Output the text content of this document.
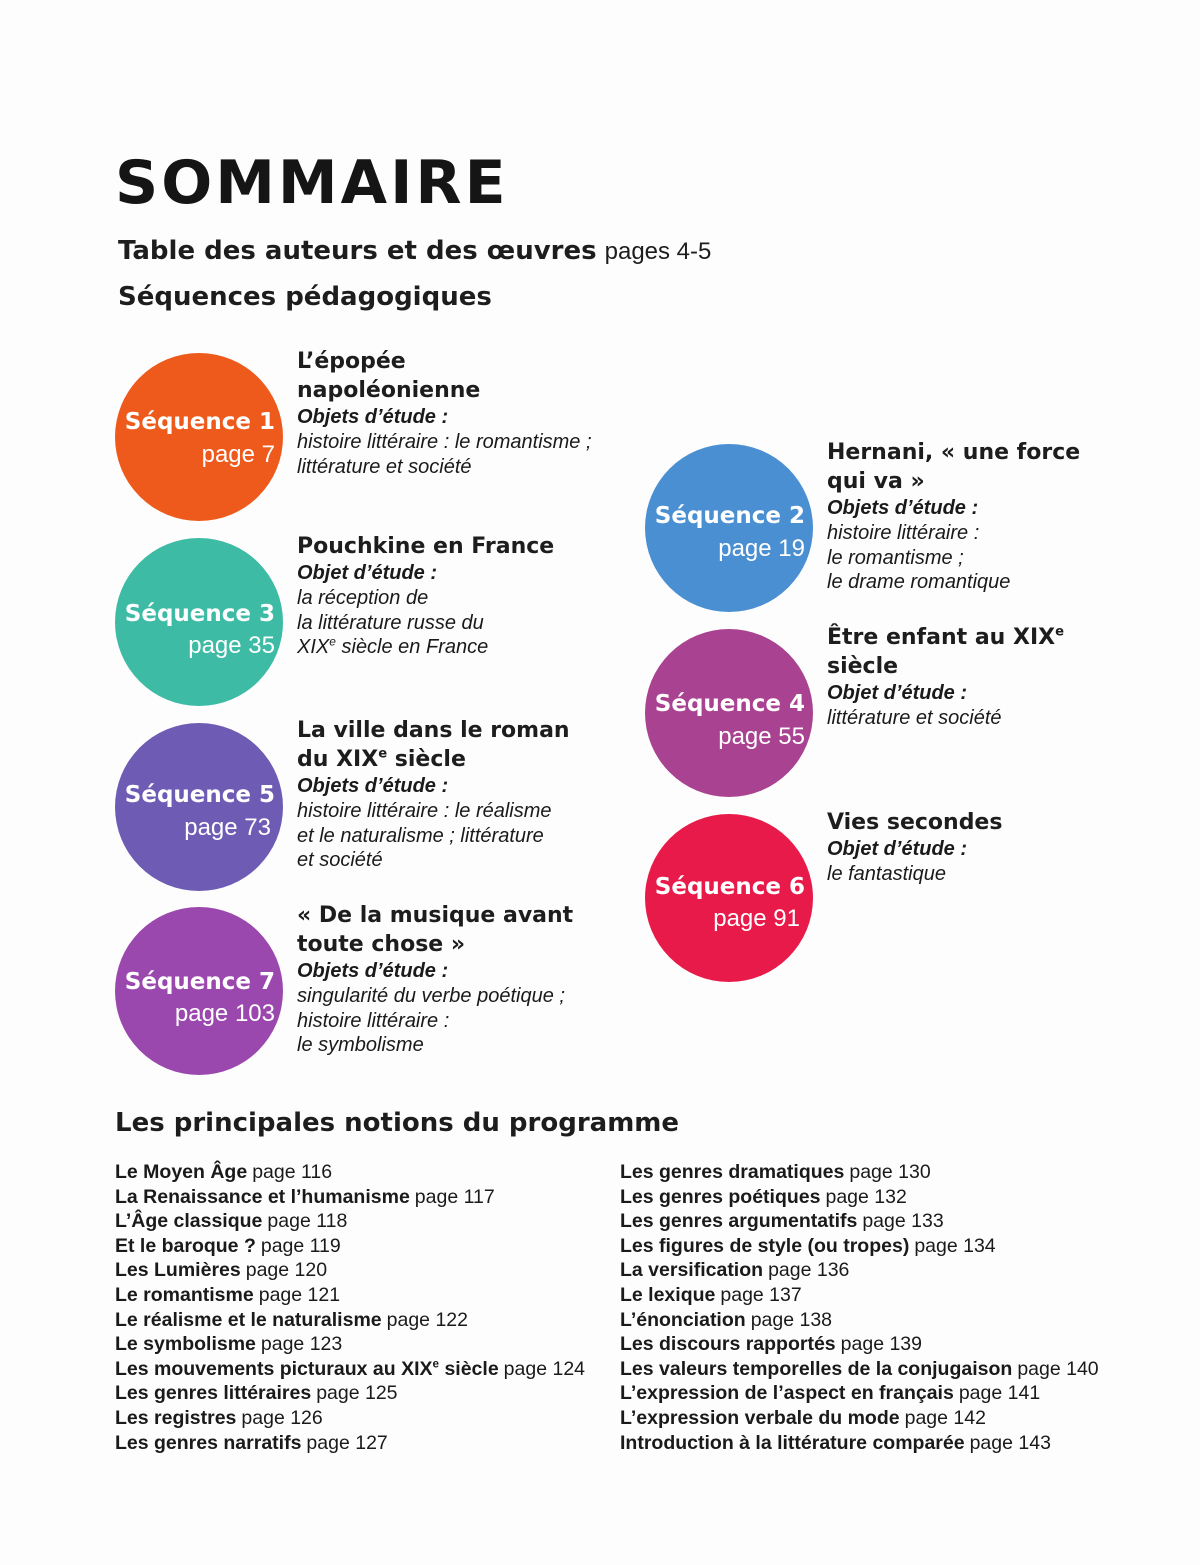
SOMMAIRE
Table des auteurs et des œuvres pages 4-5
Séquences pédagogiques
Séquence 1
page 7
L’épopée napoléonienne
Objets d’étude :
histoire littéraire : le romantisme ;
littérature et société
Séquence 3
page 35
Pouchkine en France
Objet d’étude :
la réception de
la littérature russe du
XIXe siècle en France
Séquence 5
page 73
La ville dans le roman du XIXe siècle
Objets d’étude :
histoire littéraire : le réalisme
et le naturalisme ; littérature
et société
Séquence 7
page 103
« De la musique avant toute chose »
Objets d’étude :
singularité du verbe poétique ;
histoire littéraire :
le symbolisme
Séquence 2
page 19
Hernani, « une force qui va »
Objets d’étude :
histoire littéraire :
le romantisme ;
le drame romantique
Séquence 4
page 55
Être enfant au XIXe siècle
Objet d’étude :
littérature et société
Séquence 6
page 91
Vies secondes
Objet d’étude :
le fantastique
Les principales notions du programme
Le Moyen Âge page 116
La Renaissance et l’humanisme page 117
L’Âge classique page 118
Et le baroque ? page 119
Les Lumières page 120
Le romantisme page 121
Le réalisme et le naturalisme page 122
Le symbolisme page 123
Les mouvements picturaux au XIXe siècle page 124
Les genres littéraires page 125
Les registres page 126
Les genres narratifs page 127
Les genres dramatiques page 130
Les genres poétiques page 132
Les genres argumentatifs page 133
Les figures de style (ou tropes) page 134
La versification page 136
Le lexique page 137
L’énonciation page 138
Les discours rapportés page 139
Les valeurs temporelles de la conjugaison page 140
L’expression de l’aspect en français page 141
L’expression verbale du mode page 142
Introduction à la littérature comparée page 143
